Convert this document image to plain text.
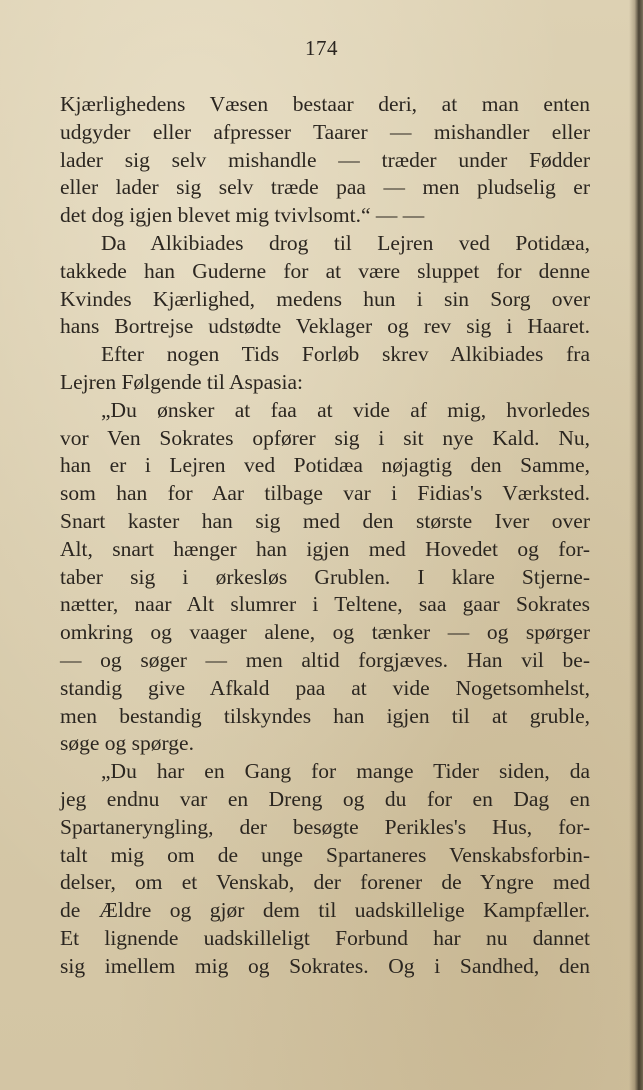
174
Kjærlighedens Væsen bestaar deri, at man enten
udgyder eller afpresser Taarer — mishandler eller
lader sig selv mishandle — træder under Fødder
eller lader sig selv træde paa — men pludselig er
det dog igjen blevet mig tvivlsomt.“ — —
Da Alkibiades drog til Lejren ved Potidæa,
takkede han Guderne for at være sluppet for denne
Kvindes Kjærlighed, medens hun i sin Sorg over
hans Bortrejse udstødte Veklager og rev sig i Haaret.
Efter nogen Tids Forløb skrev Alkibiades fra
Lejren Følgende til Aspasia:
„Du ønsker at faa at vide af mig, hvorledes
vor Ven Sokrates opfører sig i sit nye Kald. Nu,
han er i Lejren ved Potidæa nøjagtig den Samme,
som han for Aar tilbage var i Fidias's Værksted.
Snart kaster han sig med den største Iver over
Alt, snart hænger han igjen med Hovedet og for-
taber sig i ørkesløs Grublen. I klare Stjerne-
nætter, naar Alt slumrer i Teltene, saa gaar Sokrates
omkring og vaager alene, og tænker — og spørger
— og søger — men altid forgjæves. Han vil be-
standig give Afkald paa at vide Nogetsomhelst,
men bestandig tilskyndes han igjen til at gruble,
søge og spørge.
„Du har en Gang for mange Tider siden, da
jeg endnu var en Dreng og du for en Dag en
Spartaneryngling, der besøgte Perikles's Hus, for-
talt mig om de unge Spartaneres Venskabsforbin-
delser, om et Venskab, der forener de Yngre med
de Ældre og gjør dem til uadskillelige Kampfæller.
Et lignende uadskilleligt Forbund har nu dannet
sig imellem mig og Sokrates. Og i Sandhed, den
